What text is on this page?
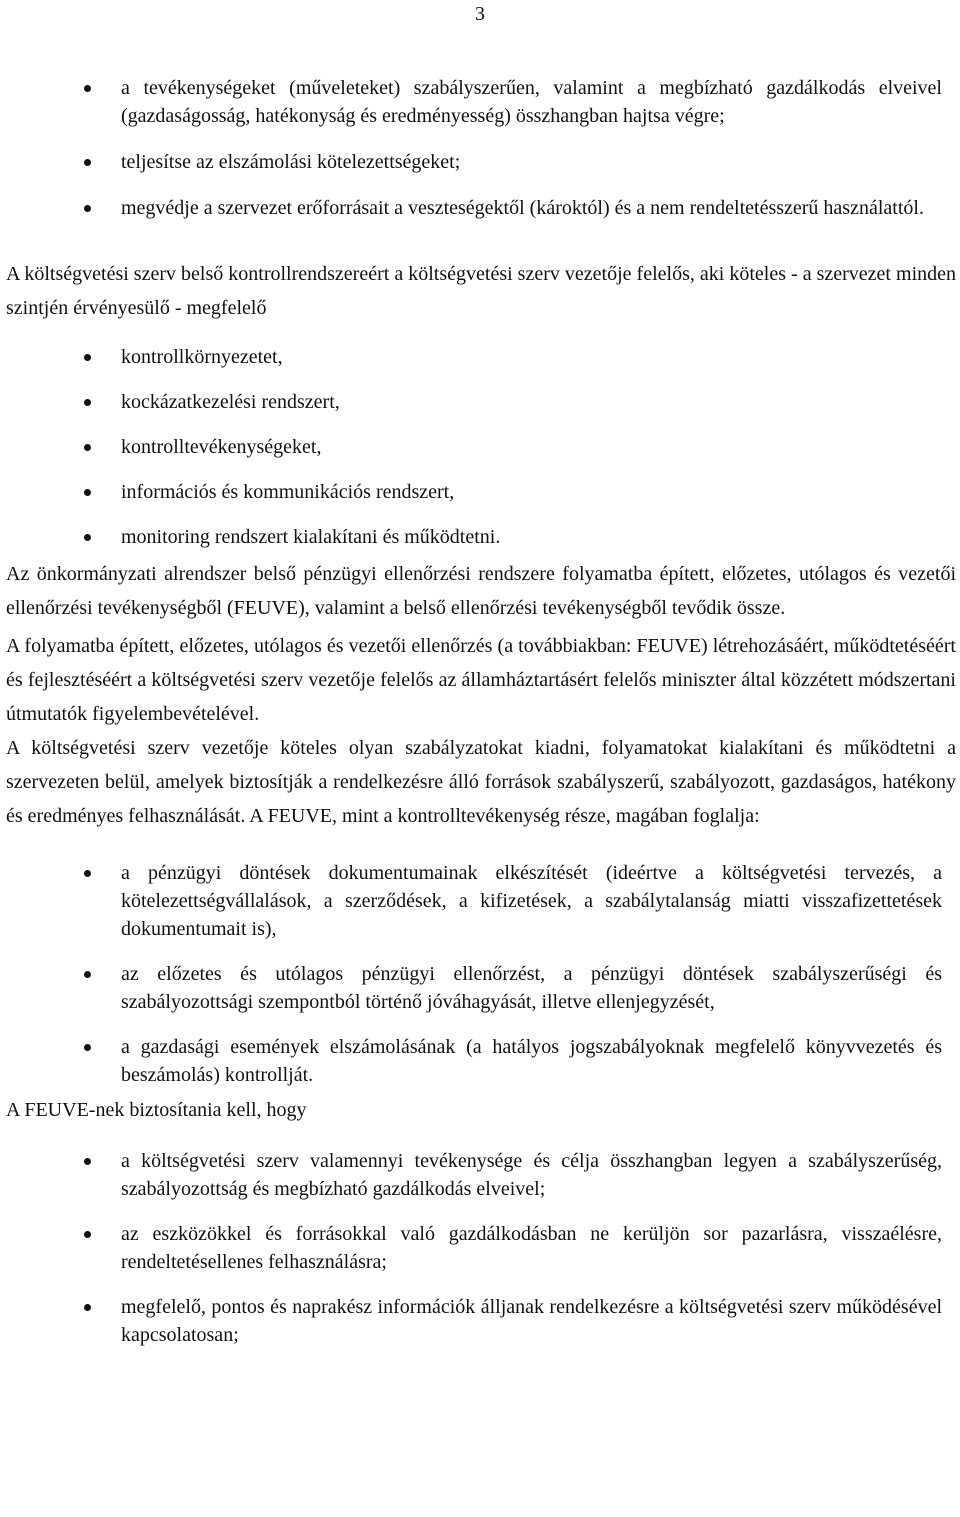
3
a tevékenységeket (műveleteket) szabályszerűen, valamint a megbízható gazdálkodás elveivel (gazdaságosság, hatékonyság és eredményesség) összhangban hajtsa végre;
teljesítse az elszámolási kötelezettségeket;
megvédje a szervezet erőforrásait a veszteségektől (károktól) és a nem rendeltetésszerű használattól.

A költségvetési szerv belső kontrollrendszereért a költségvetési szerv vezetője felelős, aki köteles - a szervezet minden szintjén érvényesülő - megfelelő

kontrollkörnyezetet,
kockázatkezelési rendszert,
kontrolltevékenységeket,
információs és kommunikációs rendszert,
monitoring rendszert kialakítani és működtetni.

Az önkormányzati alrendszer belső pénzügyi ellenőrzési rendszere folyamatba épített, előzetes, utólagos és vezetői ellenőrzési tevékenységből (FEUVE), valamint a belső ellenőrzési tevékenységből tevődik össze.

A folyamatba épített, előzetes, utólagos és vezetői ellenőrzés (a továbbiakban: FEUVE) létrehozásáért, működtetéséért és fejlesztéséért a költségvetési szerv vezetője felelős az államháztartásért felelős miniszter által közzétett módszertani útmutatók figyelembevételével.

A költségvetési szerv vezetője köteles olyan szabályzatokat kiadni, folyamatokat kialakítani és működtetni a szervezeten belül, amelyek biztosítják a rendelkezésre álló források szabályszerű, szabályozott, gazdaságos, hatékony és eredményes felhasználását. A FEUVE, mint a kontrolltevékenység része, magában foglalja:

a pénzügyi döntések dokumentumainak elkészítését (ideértve a költségvetési tervezés, a kötelezettségvállalások, a szerződések, a kifizetések, a szabálytalanság miatti visszafizettetések dokumentumait is),
az előzetes és utólagos pénzügyi ellenőrzést, a pénzügyi döntések szabályszerűségi és szabályozottsági szempontból történő jóváhagyását, illetve ellenjegyzését,
a gazdasági események elszámolásának (a hatályos jogszabályoknak megfelelő könyvvezetés és beszámolás) kontrollját.

A FEUVE-nek biztosítania kell, hogy

a költségvetési szerv valamennyi tevékenysége és célja összhangban legyen a szabályszerűség, szabályozottság és megbízható gazdálkodás elveivel;
az eszközökkel és forrásokkal való gazdálkodásban ne kerüljön sor pazarlásra, visszaélésre, rendeltetésellenes felhasználásra;
megfelelő, pontos és naprakész információk álljanak rendelkezésre a költségvetési szerv működésével kapcsolatosan;
